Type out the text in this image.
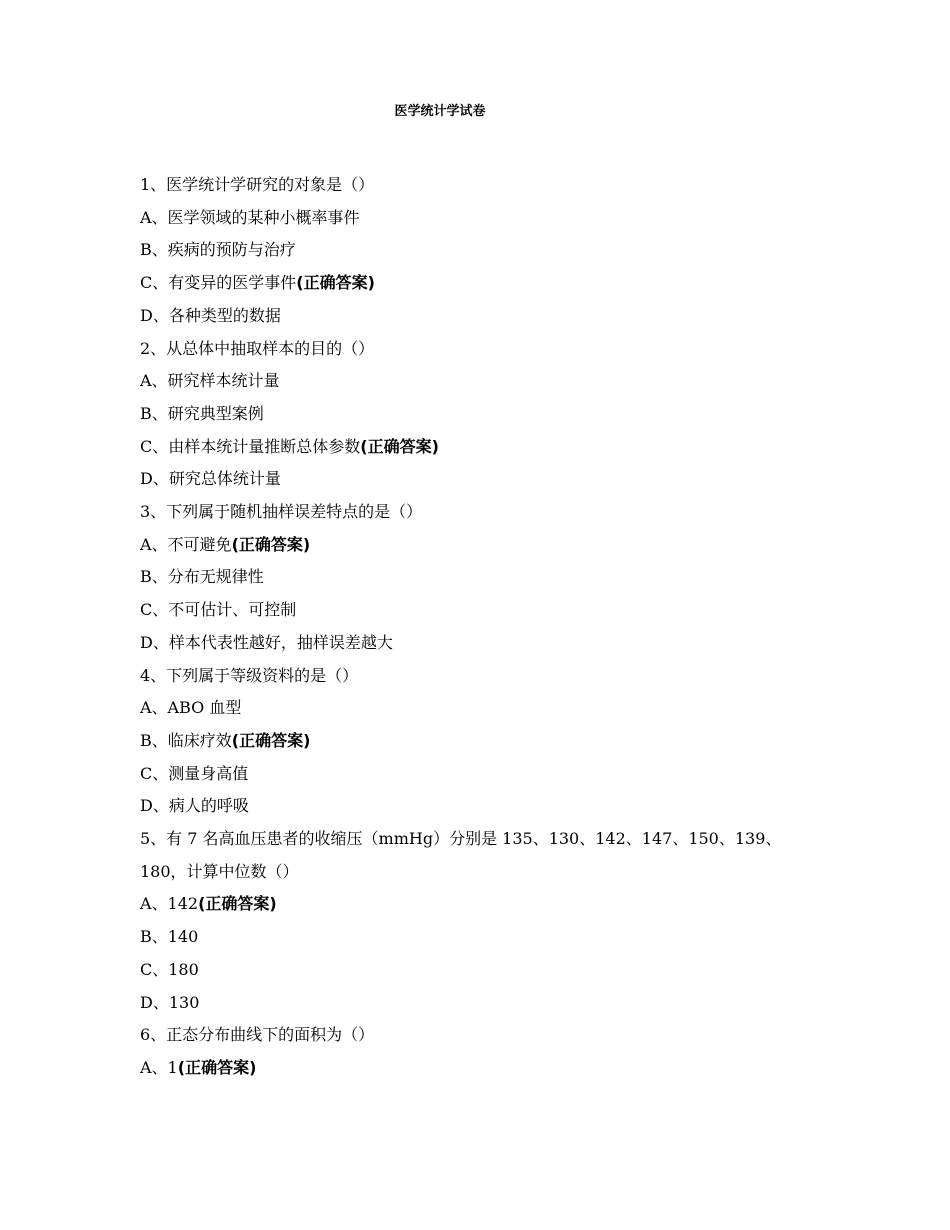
医学统计学试卷
1、医学统计学研究的对象是（）
A、医学领域的某种小概率事件
B、疾病的预防与治疗
C、有变异的医学事件(正确答案)
D、各种类型的数据
2、从总体中抽取样本的目的（）
A、研究样本统计量
B、研究典型案例
C、由样本统计量推断总体参数(正确答案)
D、研究总体统计量
3、下列属于随机抽样误差特点的是（）
A、不可避免(正确答案)
B、分布无规律性
C、不可估计、可控制
D、样本代表性越好，抽样误差越大
4、下列属于等级资料的是（）
A、ABO 血型
B、临床疗效(正确答案)
C、测量身高值
D、病人的呼吸
5、有 7 名高血压患者的收缩压（mmHg）分别是 135、130、142、147、150、139、180，计算中位数（）
A、142(正确答案)
B、140
C、180
D、130
6、正态分布曲线下的面积为（）
A、1(正确答案)
